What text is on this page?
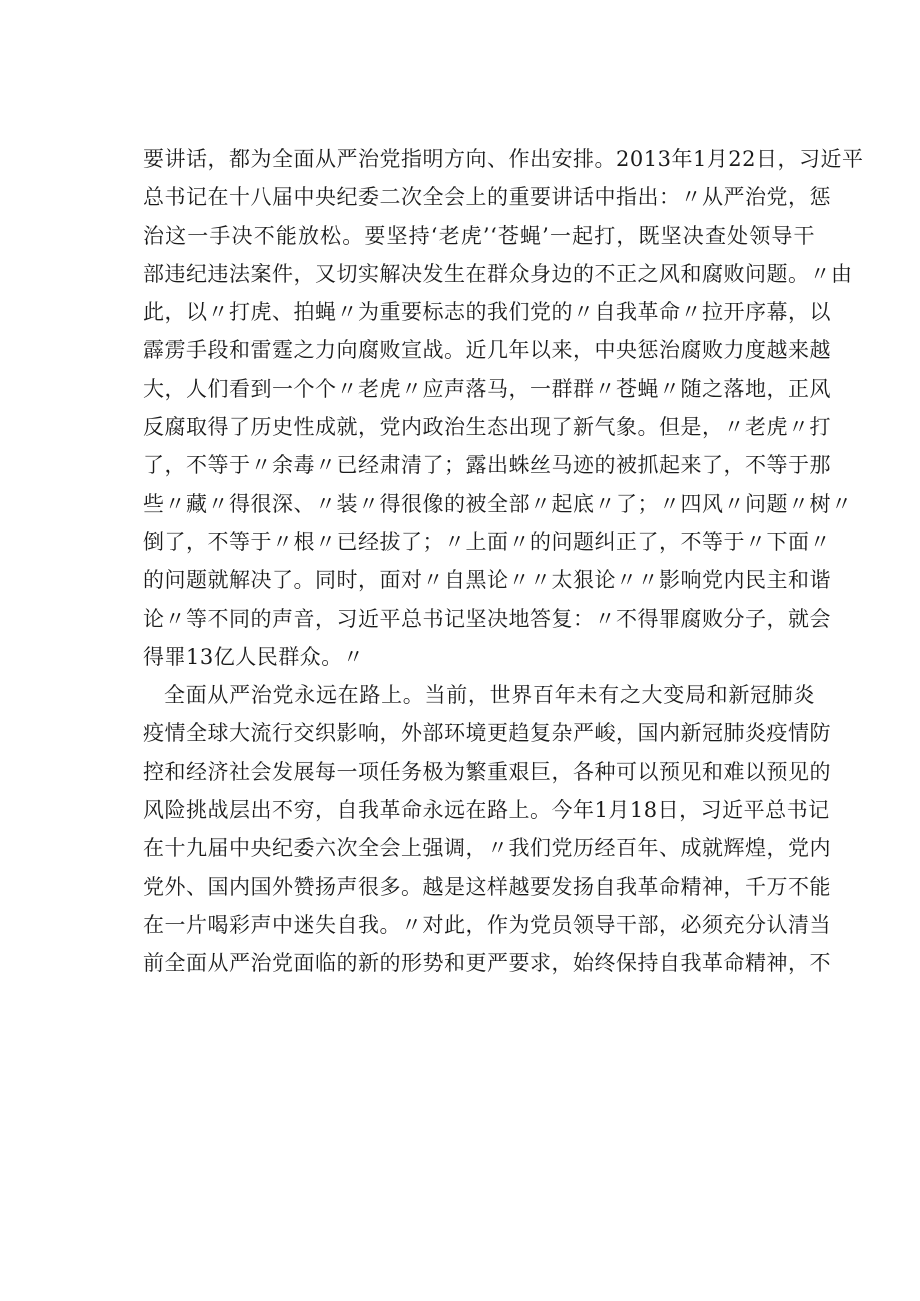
要讲话，都为全面从严治党指明方向、作出安排。2013年1月22日，习近平
总书记在十八届中央纪委二次全会上的重要讲话中指出：〃从严治党，惩
治这一手决不能放松。要坚持‘老虎’‘苍蝇’一起打，既坚决查处领导干
部违纪违法案件，又切实解决发生在群众身边的不正之风和腐败问题。〃由
此，以〃打虎、拍蝇〃为重要标志的我们党的〃自我革命〃拉开序幕，以
霹雳手段和雷霆之力向腐败宣战。近几年以来，中央惩治腐败力度越来越
大，人们看到一个个〃老虎〃应声落马，一群群〃苍蝇〃随之落地，正风
反腐取得了历史性成就，党内政治生态出现了新气象。但是，〃老虎〃打
了，不等于〃余毒〃已经肃清了；露出蛛丝马迹的被抓起来了，不等于那
些〃藏〃得很深、〃装〃得很像的被全部〃起底〃了；〃四风〃问题〃树〃
倒了，不等于〃根〃已经拔了；〃上面〃的问题纠正了，不等于〃下面〃
的问题就解决了。同时，面对〃自黑论〃〃太狠论〃〃影响党内民主和谐
论〃等不同的声音，习近平总书记坚决地答复：〃不得罪腐败分子，就会
得罪13亿人民群众。〃
全面从严治党永远在路上。当前，世界百年未有之大变局和新冠肺炎
疫情全球大流行交织影响，外部环境更趋复杂严峻，国内新冠肺炎疫情防
控和经济社会发展每一项任务极为繁重艰巨，各种可以预见和难以预见的
风险挑战层出不穷，自我革命永远在路上。今年1月18日，习近平总书记
在十九届中央纪委六次全会上强调，〃我们党历经百年、成就辉煌，党内
党外、国内国外赞扬声很多。越是这样越要发扬自我革命精神，千万不能
在一片喝彩声中迷失自我。〃对此，作为党员领导干部，必须充分认清当
前全面从严治党面临的新的形势和更严要求，始终保持自我革命精神，不
